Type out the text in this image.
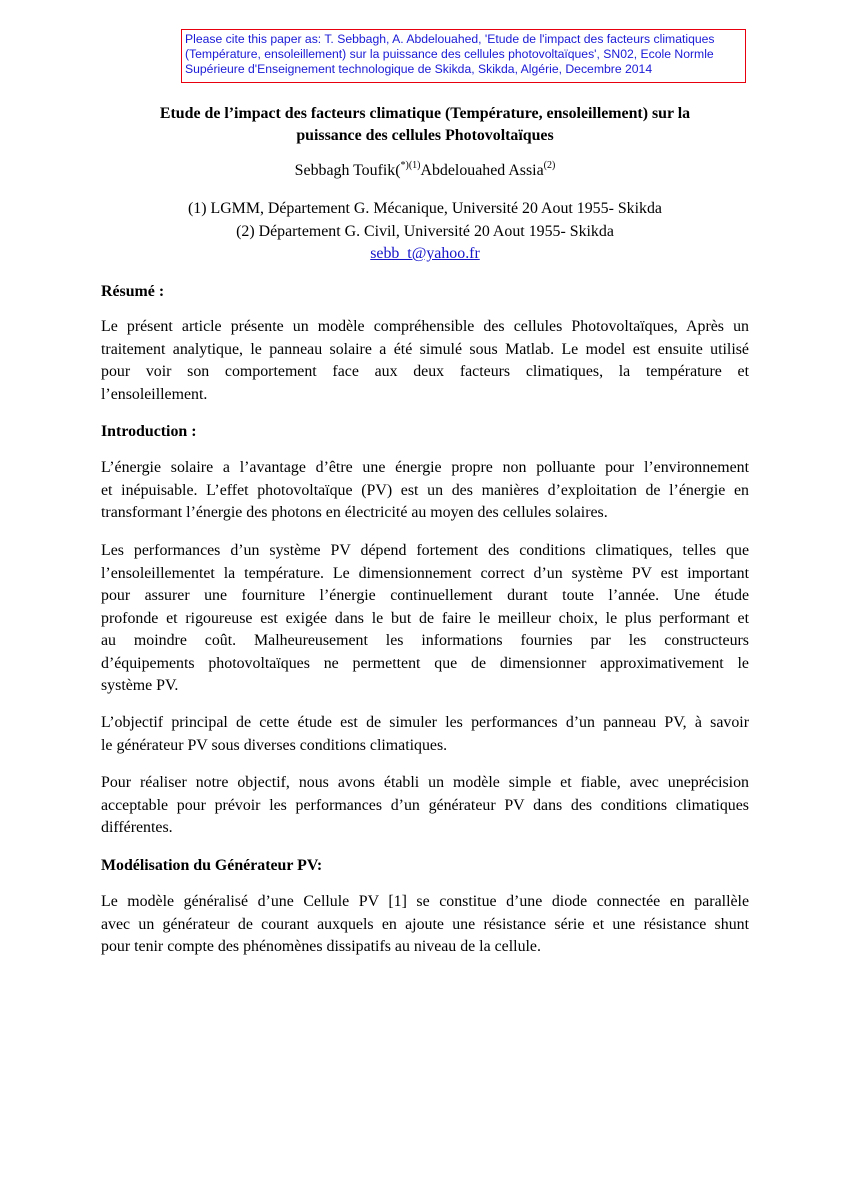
Please cite this paper as: T. Sebbagh, A. Abdelouahed, 'Etude de l'impact des facteurs climatiques
(Température, ensoleillement) sur la puissance des cellules photovoltaïques', SN02, Ecole Normle
Supérieure d'Enseignement technologique de Skikda, Skikda, Algérie, Decembre 2014
Etude de l’impact des facteurs climatique (Température, ensoleillement) sur la
puissance des cellules Photovoltaïques
Sebbagh Toufik($^{*)(1)}$Abdelouahed Assia$^{(2)}$
(1) LGMM, Département G. Mécanique, Université 20 Aout 1955- Skikda
(2) Département G. Civil, Université 20 Aout 1955- Skikda
sebb_t@yahoo.fr
Résumé :
Le présent article présente un modèle compréhensible des cellules Photovoltaïques, Après un
traitement analytique, le panneau solaire a été simulé sous Matlab. Le model est ensuite utilisé
pour voir son comportement face aux deux facteurs climatiques, la température et
l’ensoleillement.
Introduction :
L’énergie solaire a l’avantage d’être une énergie propre non polluante pour l’environnement
et inépuisable. L’effet photovoltaïque (PV) est un des manières d’exploitation de l’énergie en
transformant l’énergie des photons en électricité au moyen des cellules solaires.
Les performances d’un système PV dépend fortement des conditions climatiques, telles que
l’ensoleillementet la température. Le dimensionnement correct d’un système PV est important
pour assurer une fourniture l’énergie continuellement durant toute l’année. Une étude
profonde et rigoureuse est exigée dans le but de faire le meilleur choix, le plus performant et
au moindre coût. Malheureusement les informations fournies par les constructeurs
d’équipements photovoltaïques ne permettent que de dimensionner approximativement le
système PV.
L’objectif principal de cette étude est de simuler les performances d’un panneau PV, à savoir
le générateur PV sous diverses conditions climatiques.
Pour réaliser notre objectif, nous avons établi un modèle simple et fiable, avec uneprécision
acceptable pour prévoir les performances d’un générateur PV dans des conditions climatiques
différentes.
Modélisation du Générateur PV:
Le modèle généralisé d’une Cellule PV [1] se constitue d’une diode connectée en parallèle
avec un générateur de courant auxquels en ajoute une résistance série et une résistance shunt
pour tenir compte des phénomènes dissipatifs au niveau de la cellule.
